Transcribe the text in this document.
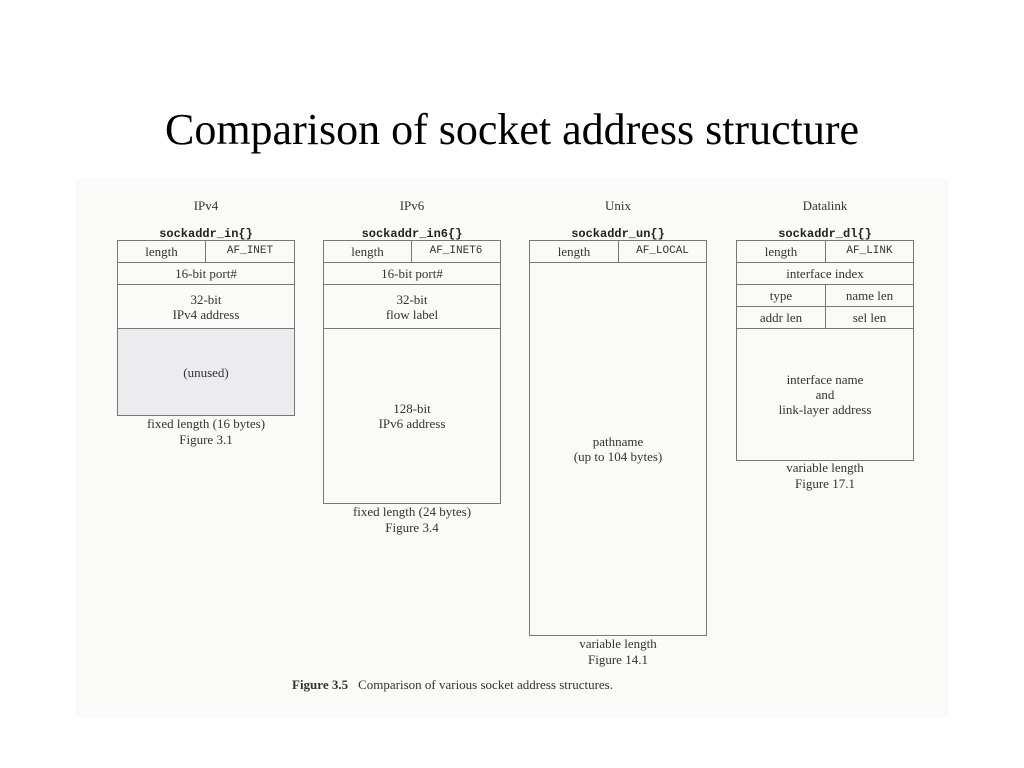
Comparison of socket address structure
IPv4
sockaddr_in{}
length	AF_INET
16-bit port#
32-bit
IPv4 address
(unused)
fixed length (16 bytes)
Figure 3.1
IPv6
sockaddr_in6{}
length	AF_INET6
16-bit port#
32-bit
flow label
128-bit
IPv6 address
fixed length (24 bytes)
Figure 3.4
Unix
sockaddr_un{}
length	AF_LOCAL
pathname
(up to 104 bytes)
variable length
Figure 14.1
Datalink
sockaddr_dl{}
length	AF_LINK
interface index
type	name len
addr len	sel len
interface name
and
link-layer address
variable length
Figure 17.1
Figure 3.5 Comparison of various socket address structures.
